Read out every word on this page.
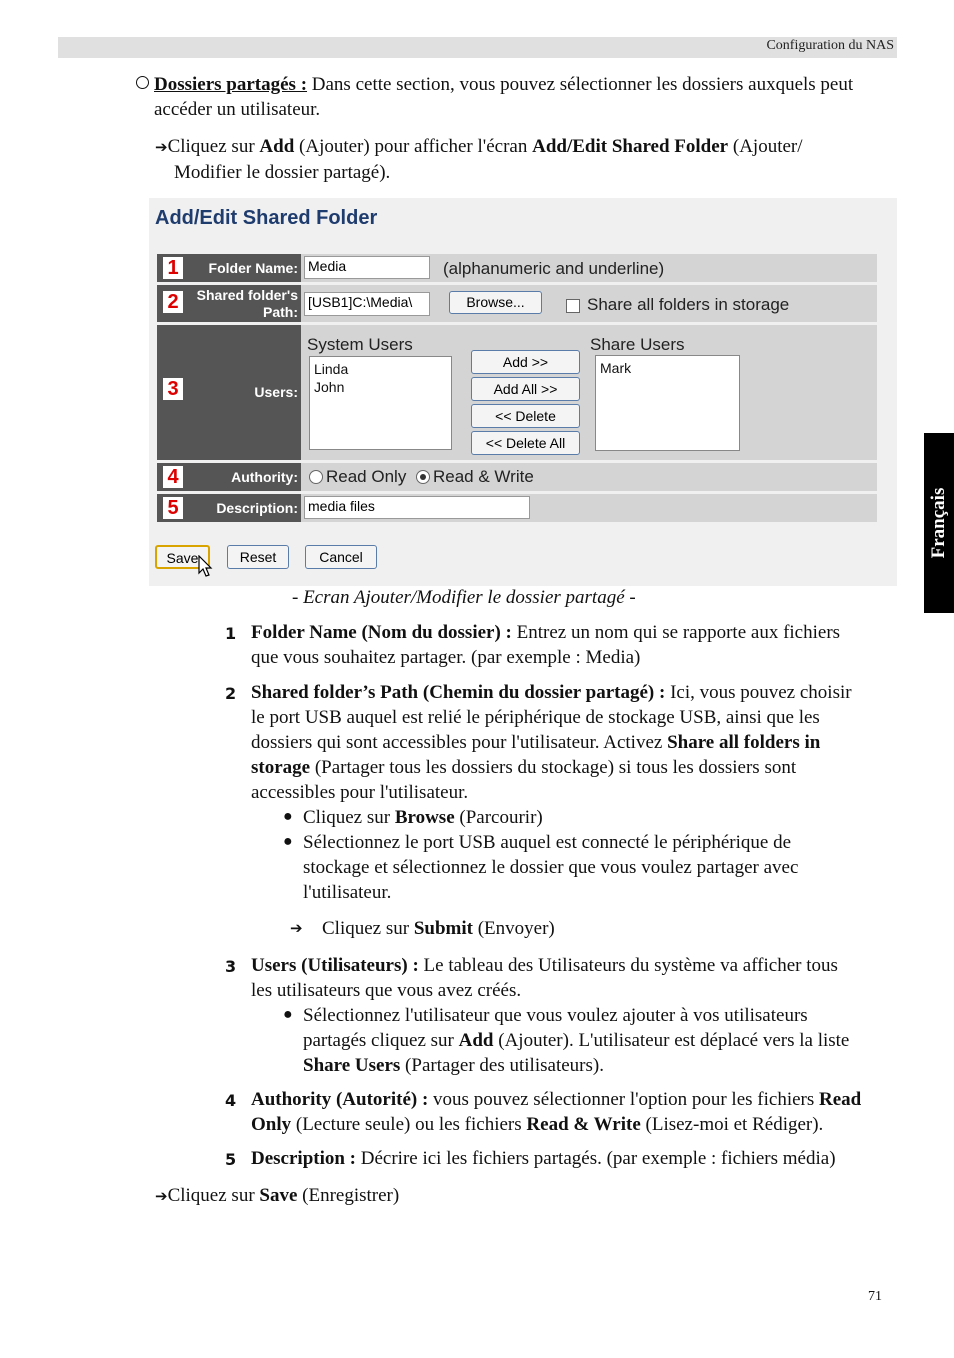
Configuration du NAS
Français
Dossiers partagés : Dans cette section, vous pouvez sélectionner les dossiers auxquels peut
accéder un utilisateur.
➔Cliquez sur Add (Ajouter) pour afficher l'écran Add/Edit Shared Folder (Ajouter/
Modifier le dossier partagé).
Add/Edit Shared Folder
Folder Name:
1	Media	(alphanumeric and underline)
Shared folder's
Path:
2	[USB1]C:\Media\	Browse...	Share all folders in storage
Users:
3
System Users
Linda
John
Add >>
Add All >>
<< Delete
<< Delete All
Share Users
Mark
Authority:
4	Read Only Read & Write
Description:
5	media files
Save	Reset	Cancel
- Ecran Ajouter/Modifier le dossier partagé -
1 Folder Name (Nom du dossier) : Entrez un nom qui se rapporte aux fichiers
que vous souhaitez partager. (par exemple : Media)
2 Shared folder’s Path (Chemin du dossier partagé) : Ici, vous pouvez choisir
le port USB auquel est relié le périphérique de stockage USB, ainsi que les
dossiers qui sont accessibles pour l'utilisateur. Activez Share all folders in
storage (Partager tous les dossiers du stockage) si tous les dossiers sont
accessibles pour l'utilisateur.
● Cliquez sur Browse (Parcourir)
● Sélectionnez le port USB auquel est connecté le périphérique de
stockage et sélectionnez le dossier que vous voulez partager avec
l'utilisateur.
➔ Cliquez sur Submit (Envoyer)
3 Users (Utilisateurs) : Le tableau des Utilisateurs du système va afficher tous
les utilisateurs que vous avez créés.
● Sélectionnez l'utilisateur que vous voulez ajouter à vos utilisateurs
partagés cliquez sur Add (Ajouter). L'utilisateur est déplacé vers la liste
Share Users (Partager des utilisateurs).
4 Authority (Autorité) : vous pouvez sélectionner l'option pour les fichiers Read
Only (Lecture seule) ou les fichiers Read & Write (Lisez-moi et Rédiger).
5 Description : Décrire ici les fichiers partagés. (par exemple : fichiers média)
➔Cliquez sur Save (Enregistrer)
71
